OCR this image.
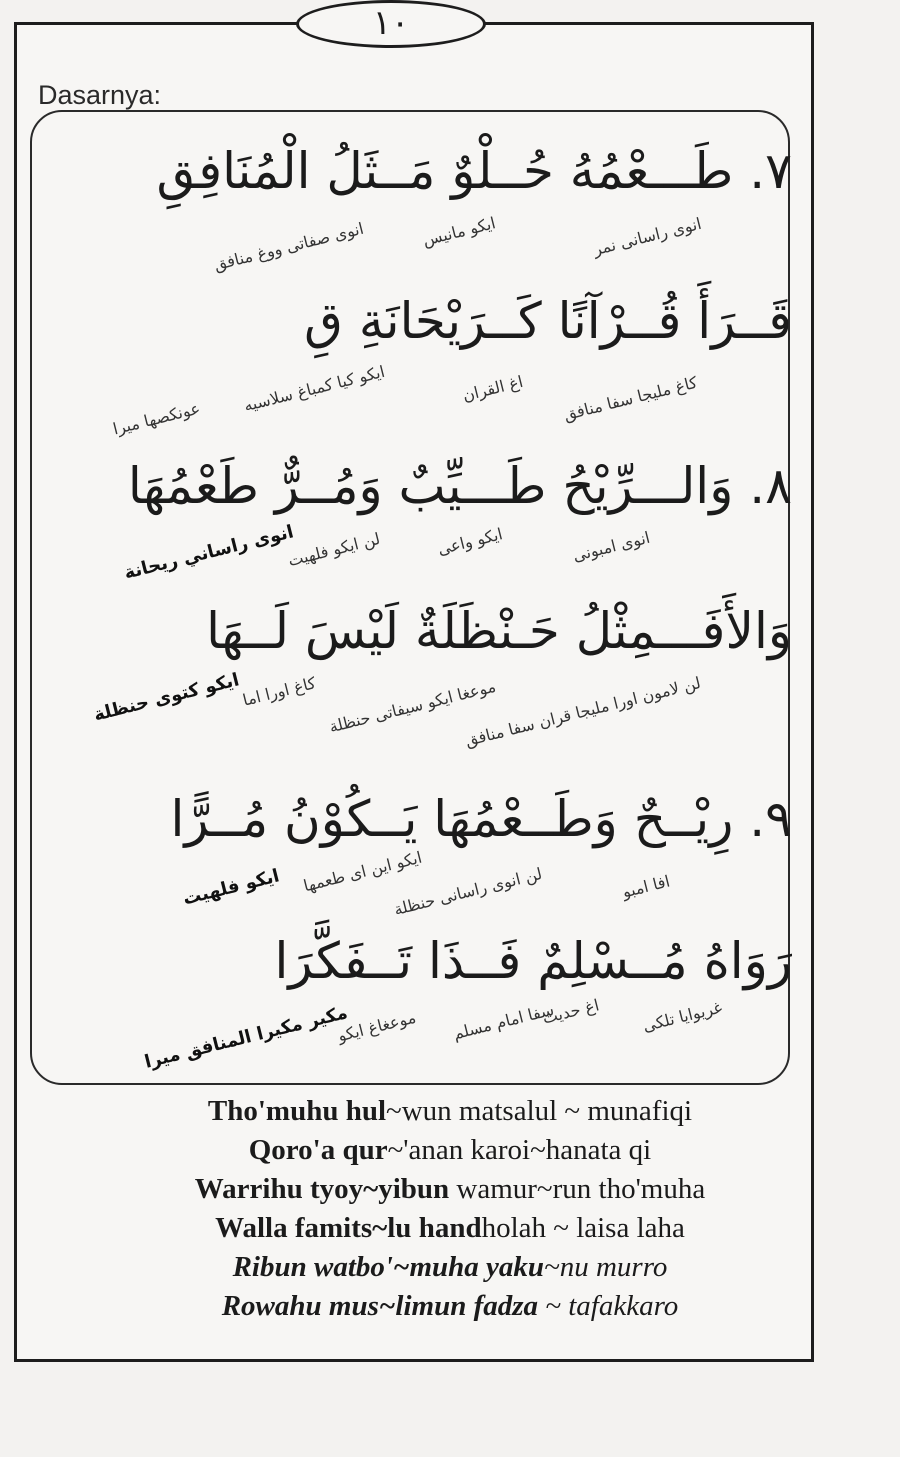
١٠
Dasarnya:
٧. طَـــعْمُهُ حُــلْوٌ مَــثَلُ الْمُنَافِقِ
انوى راسانى نمر
ايكو مانيس
انوى صفاتى ووغ منافق
قَــرَأَ قُــرْآنًا كَــرَيْحَانَةِ قِ
كاغ مليجا سفا منافق
اغ القران
ايكو كيا كمباغ سلاسيه
عونكصها ميرا
٨. وَالـــرِّيْحُ طَـــيِّبٌ وَمُــرٌّ طَعْمُهَا
انوى امبونى
ايكو واعى
لن ايكو فلهيت
انوى راساني ريحانة
وَالأَفَـــمِثْلُ حَـنْظَلَةٌ لَيْسَ لَــهَا
لن لامون اورا مليجا قران سفا منافق
موعغا ايكو سيفاتى حنظلة
كاغ اورا اما
ايكو كتوى حنظلة
٩. رِيْــحٌ وَطَــعْمُهَا يَــكُوْنُ مُــرًّا
افا امبو
لن انوى راسانى حنظلة
ايكو اين اى طعمها
ايكو فلهيت
رَوَاهُ مُــسْلِمٌ فَــذَا تَــفَكَّرَا
غريوايا تلكى
اغ حديث
سفا امام مسلم
موعغاغ ايكو
مكير مكيرا المنافق ميرا
Tho'muhu hul~wun matsalul ~ munafiqi
Qoro'a qur~'anan karoi~hanata qi
Warrihu tyoy~yibun wamur~run tho'muha
Walla famits~lu handholah ~ laisa laha
Ribun watbo'~muha yaku~nu murro
Rowahu mus~limun fadza ~ tafakkaro
